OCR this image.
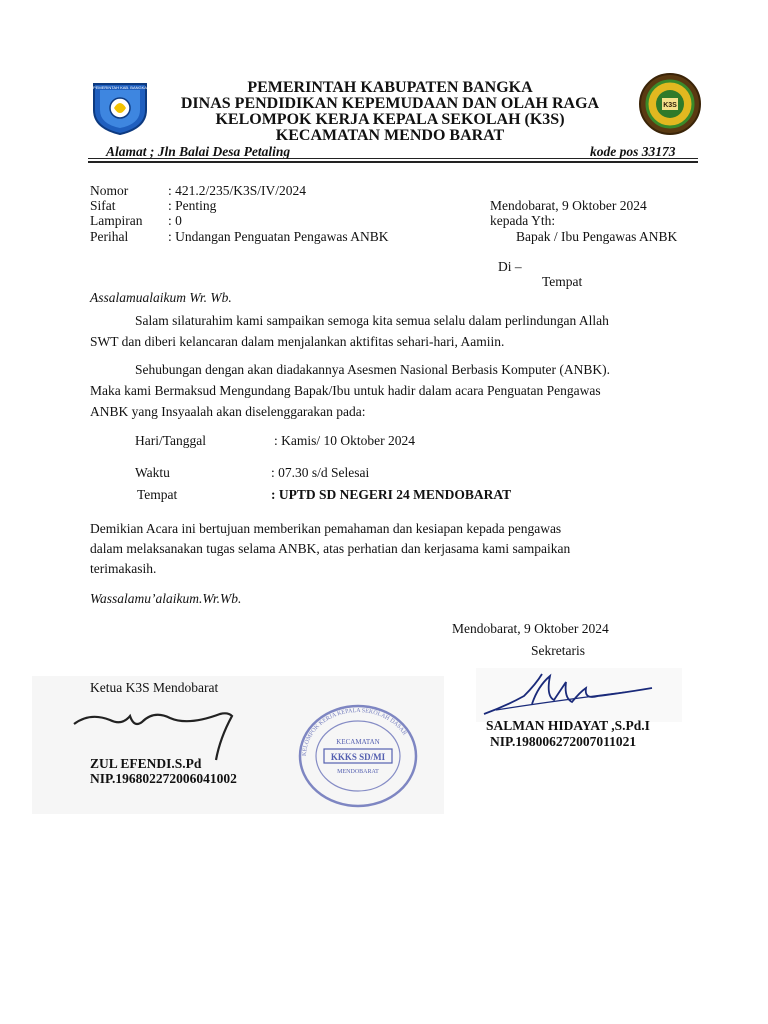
PEMERINTAH KAB. BANGKA
K3S
PEMERINTAH KABUPATEN BANGKA
DINAS PENDIDIKAN KEPEMUDAAN DAN OLAH RAGA
KELOMPOK KERJA KEPALA SEKOLAH (K3S)
KECAMATAN MENDO BARAT
Alamat ; Jln Balai Desa Petaling	kode pos 33173
Nomor	: 421.2/235/K3S/IV/2024
Sifat	: Penting
Lampiran : 0
Perihal	: Undangan Penguatan Pengawas ANBK
Mendobarat, 9 Oktober 2024
kepada Yth:
Bapak / Ibu Pengawas ANBK
Di –
Tempat
Assalamualaikum Wr. Wb.
Salam silaturahim kami sampaikan semoga kita semua selalu dalam perlindungan Allah
SWT dan diberi kelancaran dalam menjalankan aktifitas sehari-hari, Aamiin.
Sehubungan dengan akan diadakannya Asesmen Nasional Berbasis Komputer (ANBK).
Maka kami Bermaksud Mengundang Bapak/Ibu untuk hadir dalam acara Penguatan Pengawas
ANBK yang Insyaalah akan diselenggarakan pada:
Hari/Tanggal	: Kamis/ 10 Oktober 2024
Waktu	: 07.30 s/d Selesai
Tempat	: UPTD SD NEGERI 24 MENDOBARAT
Demikian Acara ini bertujuan memberikan pemahaman dan kesiapan kepada pengawas
dalam melaksanakan tugas selama ANBK, atas perhatian dan kerjasama kami sampaikan
terimakasih.
Wassalamu’alaikum.Wr.Wb.
Mendobarat, 9 Oktober 2024
Sekretaris
SALMAN HIDAYAT ,S.Pd.I
NIP.198006272007011021
Ketua K3S Mendobarat
ZUL EFENDI.S.Pd
NIP.196802272006041002
KELOMPOK KERJA KEPALA SEKOLAH DASAR
KECAMATAN
KKKS SD/MI
MENDOBARAT
